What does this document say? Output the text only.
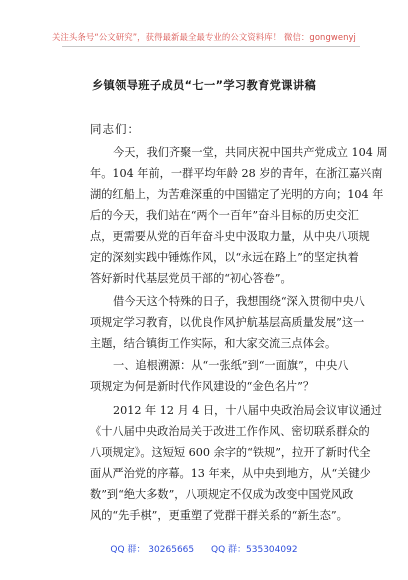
关注头条号“公文研究”，获得最新最全最专业的公文资料库！ 微信：gongwenyj
乡镇领导班子成员“七一”学习教育党课讲稿
同志们：
今天，我们齐聚一堂，共同庆祝中国共产党成立 104 周
年。104 年前，一群平均年龄 28 岁的青年，在浙江嘉兴南
湖的红船上，为苦难深重的中国锚定了光明的方向；104 年
后的今天，我们站在“两个一百年”奋斗目标的历史交汇
点，更需要从党的百年奋斗史中汲取力量，从中央八项规
定的深刻实践中锤炼作风，以“永远在路上”的坚定执着
答好新时代基层党员干部的“初心答卷”。
借今天这个特殊的日子，我想围绕“深入贯彻中央八
项规定学习教育，以优良作风护航基层高质量发展”这一
主题，结合镇街工作实际，和大家交流三点体会。
一、追根溯源：从“一张纸”到“一面旗”，中央八
项规定为何是新时代作风建设的“金色名片”？
2012 年 12 月 4 日，十八届中央政治局会议审议通过
《十八届中央政治局关于改进工作作风、密切联系群众的
八项规定》。这短短 600 余字的“铁规”，拉开了新时代全
面从严治党的序幕。13 年来，从中央到地方，从“关键少
数”到“绝大多数”，八项规定不仅成为改变中国党风政
风的“先手棋”，更重塑了党群干群关系的“新生态”。
QQ 群： 30265665 QQ 群：535304092
